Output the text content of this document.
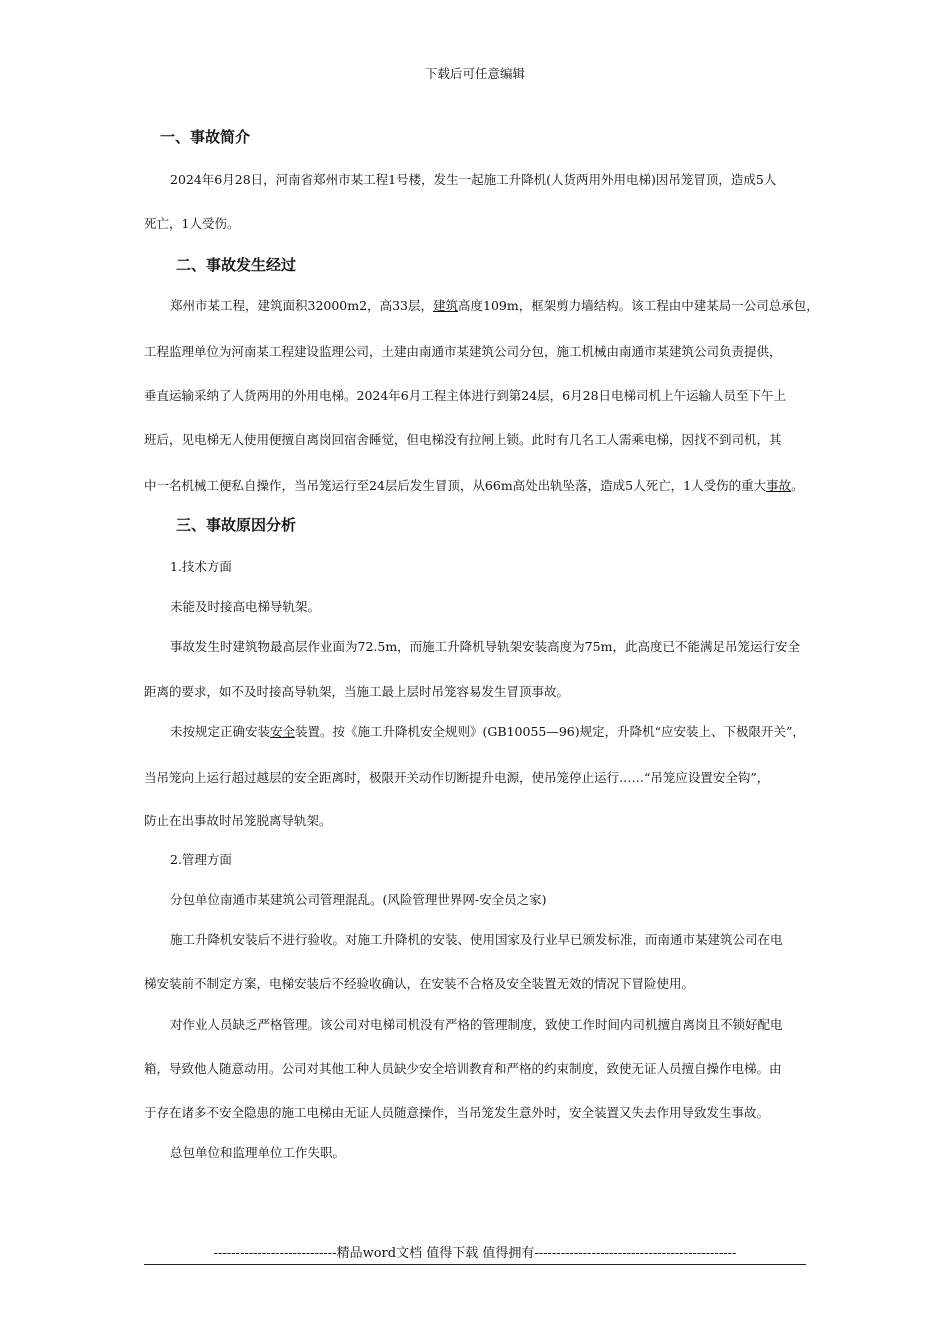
下载后可任意编辑
一、事故简介
2024年6月28日，河南省郑州市某工程1号楼，发生一起施工升降机(人货两用外用电梯)因吊笼冒顶，造成5人
死亡，1人受伤。
二、事故发生经过
郑州市某工程，建筑面积32000m2，高33层，建筑高度109m，框架剪力墙结构。该工程由中建某局一公司总承包，
工程监理单位为河南某工程建设监理公司，土建由南通市某建筑公司分包，施工机械由南通市某建筑公司负责提供，
垂直运输采纳了人货两用的外用电梯。2024年6月工程主体进行到第24层，6月28日电梯司机上午运输人员至下午上
班后，见电梯无人使用便擅自离岗回宿舍睡觉，但电梯没有拉闸上锁。此时有几名工人需乘电梯，因找不到司机，其
中一名机械工便私自操作，当吊笼运行至24层后发生冒顶，从66m高处出轨坠落，造成5人死亡，1人受伤的重大事故。
三、事故原因分析
1.技术方面
未能及时接高电梯导轨架。
事故发生时建筑物最高层作业面为72.5m，而施工升降机导轨架安装高度为75m，此高度已不能满足吊笼运行安全
距离的要求，如不及时接高导轨架，当施工最上层时吊笼容易发生冒顶事故。
未按规定正确安装安全装置。按《施工升降机安全规则》(GB10055—96)规定，升降机“应安装上、下极限开关”，
当吊笼向上运行超过越层的安全距离时，极限开关动作切断提升电源，使吊笼停止运行……“吊笼应设置安全钩”，
防止在出事故时吊笼脱离导轨架。
2.管理方面
分包单位南通市某建筑公司管理混乱。(风险管理世界网-安全员之家)
施工升降机安装后不进行验收。对施工升降机的安装、使用国家及行业早已颁发标准，而南通市某建筑公司在电
梯安装前不制定方案，电梯安装后不经验收确认，在安装不合格及安全装置无效的情况下冒险使用。
对作业人员缺乏严格管理。该公司对电梯司机没有严格的管理制度，致使工作时间内司机擅自离岗且不锁好配电
箱，导致他人随意动用。公司对其他工种人员缺少安全培训教育和严格的约束制度，致使无证人员擅自操作电梯。由
于存在诸多不安全隐患的施工电梯由无证人员随意操作，当吊笼发生意外时，安全装置又失去作用导致发生事故。
总包单位和监理单位工作失职。
----------------------------精品word文档 值得下载 值得拥有----------------------------------------------
